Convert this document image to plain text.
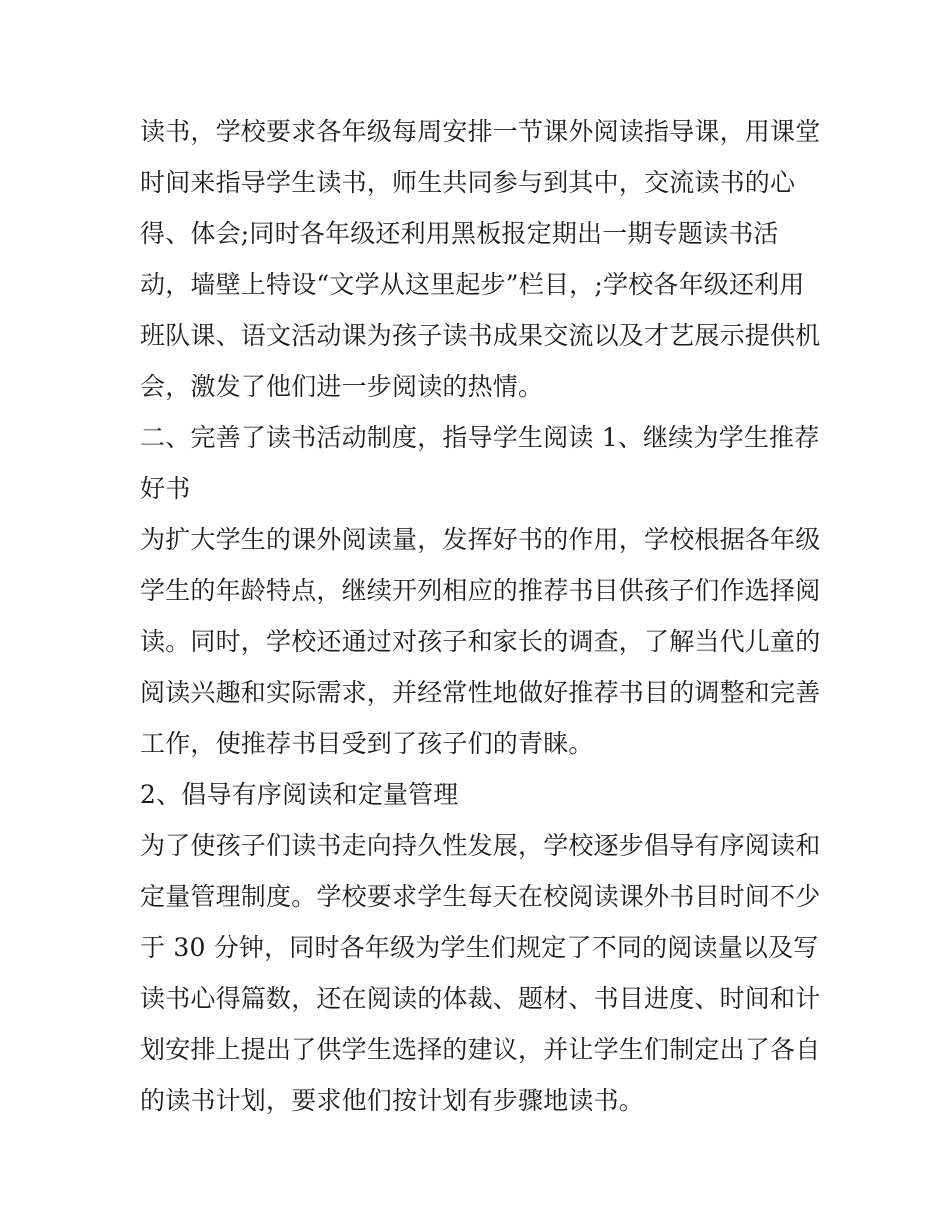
读书，学校要求各年级每周安排一节课外阅读指导课，用课堂
时间来指导学生读书，师生共同参与到其中，交流读书的心
得、体会;同时各年级还利用黑板报定期出一期专题读书活
动，墙壁上特设“文学从这里起步”栏目，;学校各年级还利用
班队课、语文活动课为孩子读书成果交流以及才艺展示提供机
会，激发了他们进一步阅读的热情。
二、完善了读书活动制度，指导学生阅读 1、继续为学生推荐
好书
为扩大学生的课外阅读量，发挥好书的作用，学校根据各年级
学生的年龄特点，继续开列相应的推荐书目供孩子们作选择阅
读。同时，学校还通过对孩子和家长的调查，了解当代儿童的
阅读兴趣和实际需求，并经常性地做好推荐书目的调整和完善
工作，使推荐书目受到了孩子们的青睐。
2、倡导有序阅读和定量管理
为了使孩子们读书走向持久性发展，学校逐步倡导有序阅读和
定量管理制度。学校要求学生每天在校阅读课外书目时间不少
于 30 分钟，同时各年级为学生们规定了不同的阅读量以及写
读书心得篇数，还在阅读的体裁、题材、书目进度、时间和计
划安排上提出了供学生选择的建议，并让学生们制定出了各自
的读书计划，要求他们按计划有步骤地读书。
